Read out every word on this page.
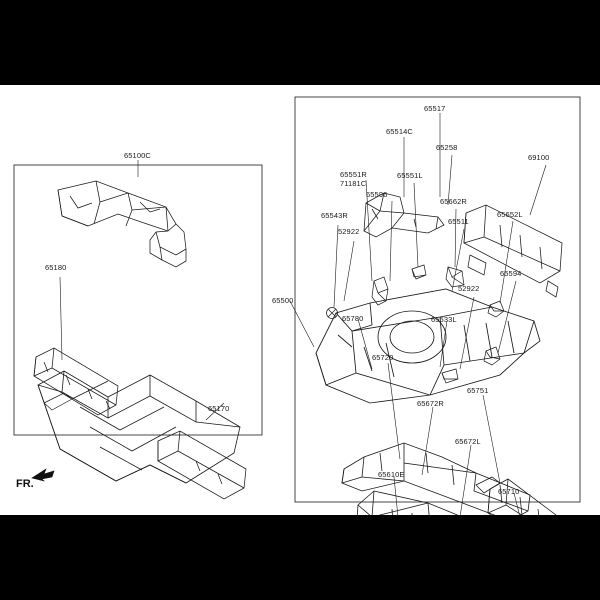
65100C
65180
65170
65517
65514C
65258
69100
65551R	65551L
71181C
65596
65662R
65652L
65543R
65511
52922
65594
65500
52922
65780	65533L
65720
65751
65672R
65672L
65610E
65710
FR.
